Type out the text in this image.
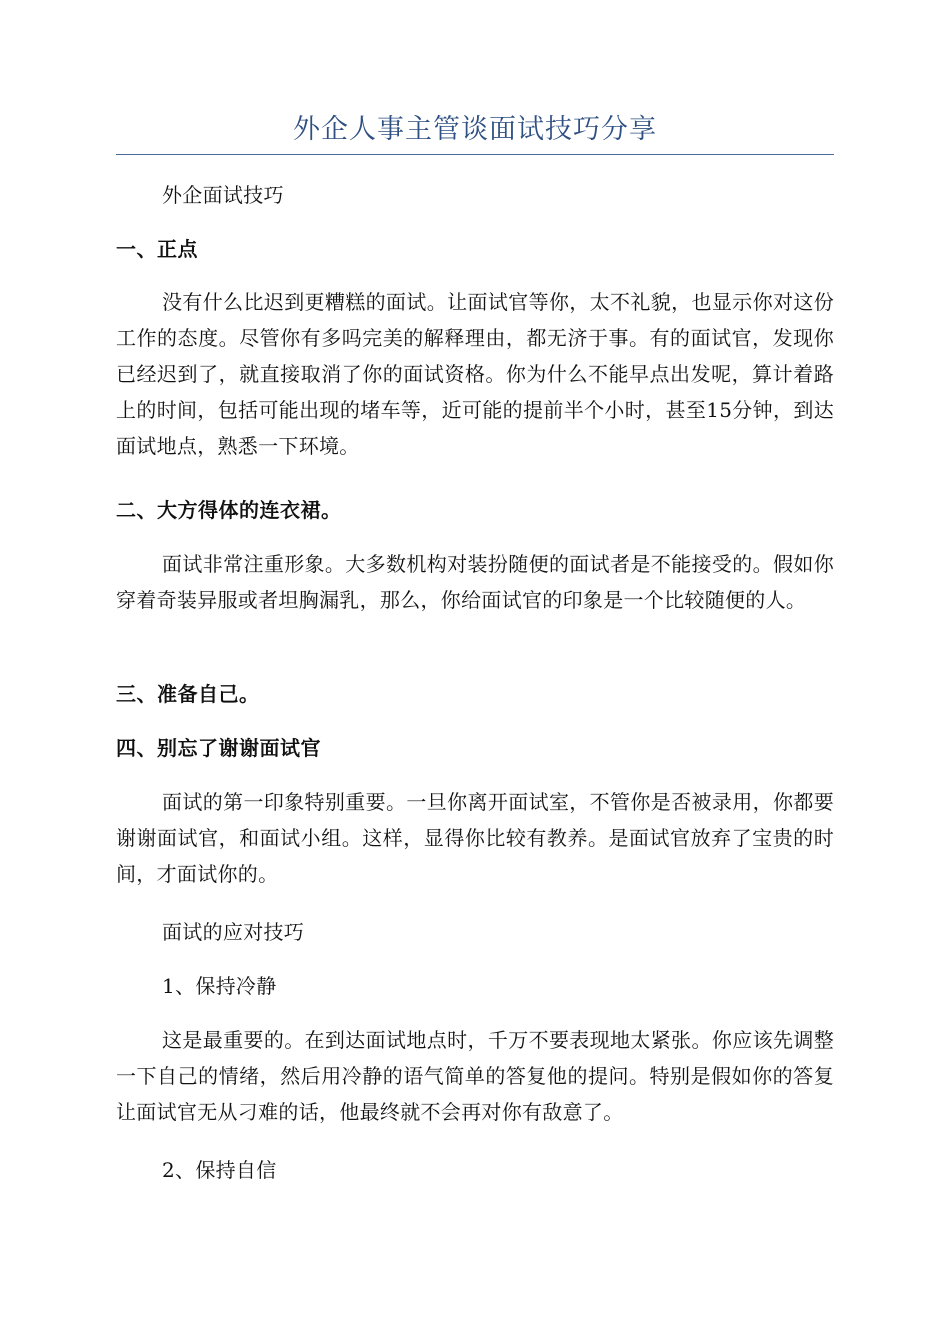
外企人事主管谈面试技巧分享
外企面试技巧
一、正点
没有什么比迟到更糟糕的面试。让面试官等你，太不礼貌，也显示你对这份工作的态度。尽管你有多吗完美的解释理由，都无济于事。有的面试官，发现你已经迟到了，就直接取消了你的面试资格。你为什么不能早点出发呢，算计着路上的时间，包括可能出现的堵车等，近可能的提前半个小时，甚至15分钟，到达面试地点，熟悉一下环境。
二、大方得体的连衣裙。
面试非常注重形象。大多数机构对装扮随便的面试者是不能接受的。假如你穿着奇装异服或者坦胸漏乳，那么，你给面试官的印象是一个比较随便的人。
三、准备自己。
四、别忘了谢谢面试官
面试的第一印象特别重要。一旦你离开面试室，不管你是否被录用，你都要谢谢面试官，和面试小组。这样，显得你比较有教养。是面试官放弃了宝贵的时间，才面试你的。
面试的应对技巧
1、保持冷静
这是最重要的。在到达面试地点时，千万不要表现地太紧张。你应该先调整一下自己的情绪，然后用冷静的语气简单的答复他的提问。特别是假如你的答复让面试官无从刁难的话，他最终就不会再对你有敌意了。
2、保持自信
